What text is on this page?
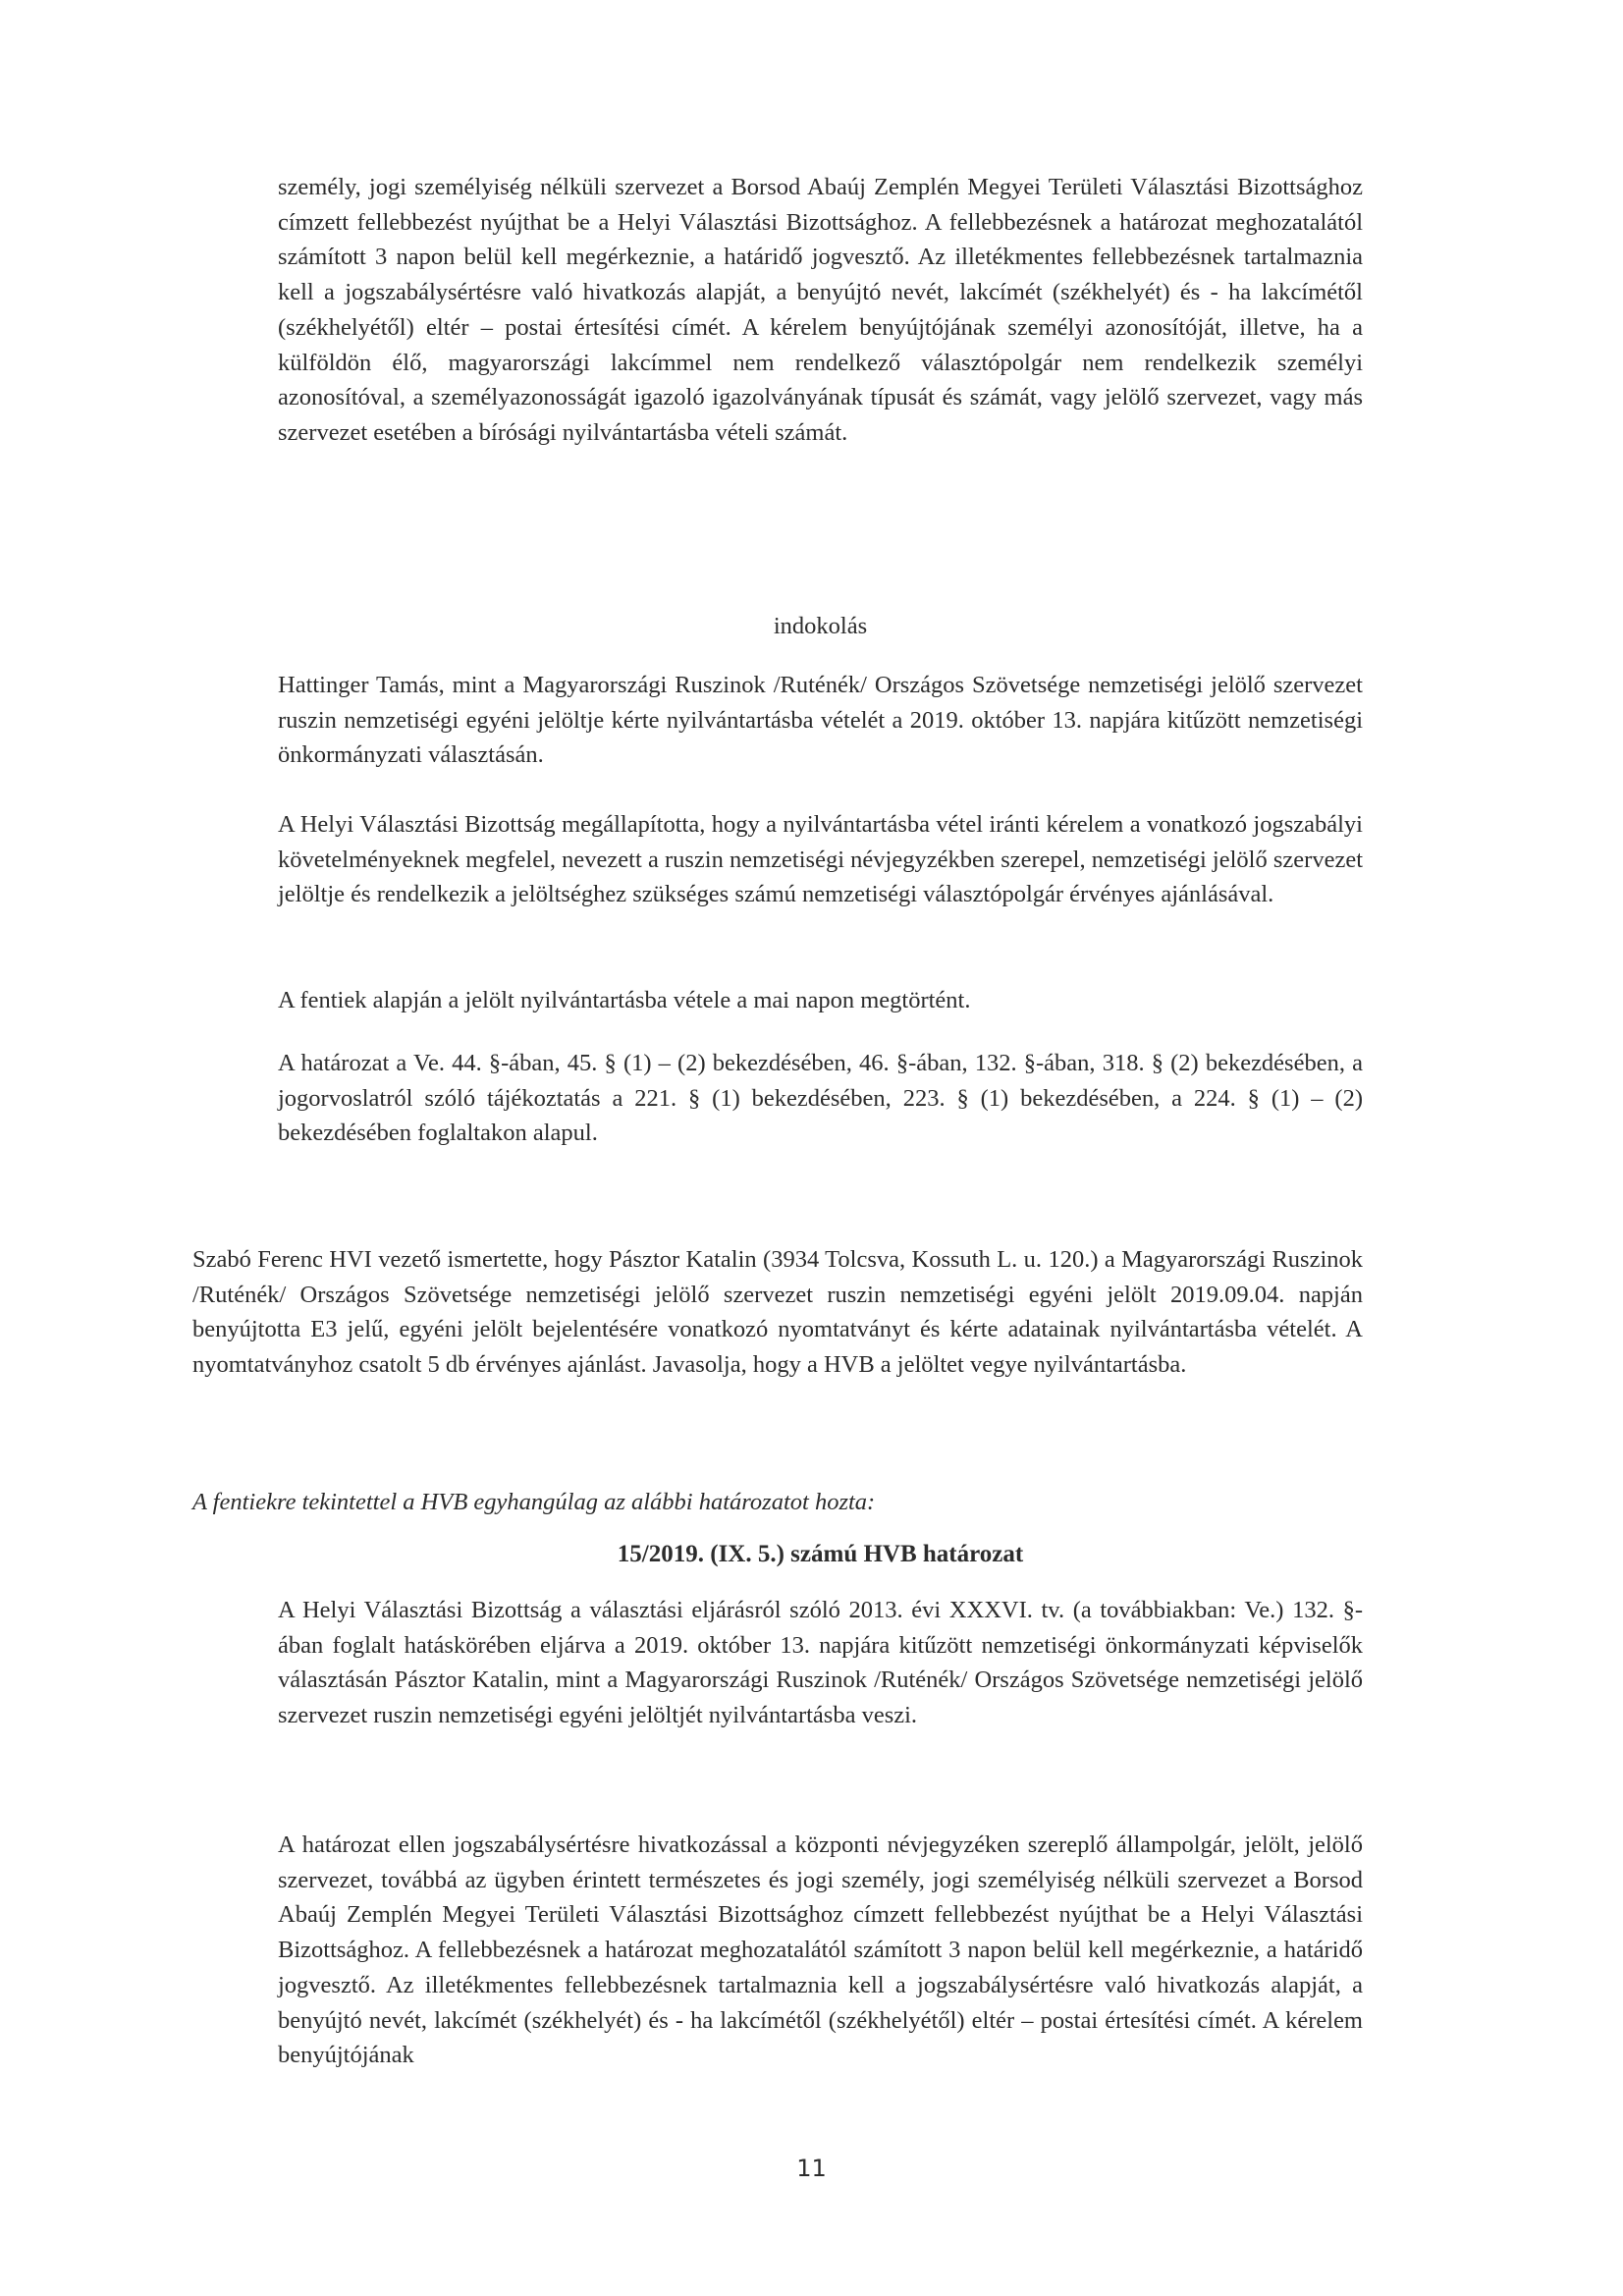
személy, jogi személyiség nélküli szervezet a Borsod Abaúj Zemplén Megyei Területi Választási Bizottsághoz címzett fellebbezést nyújthat be a Helyi Választási Bizottsághoz. A fellebbezésnek a határozat meghozatalától számított 3 napon belül kell megérkeznie, a határidő jogvesztő. Az illetékmentes fellebbezésnek tartalmaznia kell a jogszabálysértésre való hivatkozás alapját, a benyújtó nevét, lakcímét (székhelyét) és - ha lakcímétől (székhelyétől) eltér – postai értesítési címét. A kérelem benyújtójának személyi azonosítóját, illetve, ha a külföldön élő, magyarországi lakcímmel nem rendelkező választópolgár nem rendelkezik személyi azonosítóval, a személyazonosságát igazoló igazolványának típusát és számát, vagy jelölő szervezet, vagy más szervezet esetében a bírósági nyilvántartásba vételi számát.
indokolás
Hattinger Tamás, mint a Magyarországi Ruszinok /Ruténék/ Országos Szövetsége nemzetiségi jelölő szervezet ruszin nemzetiségi egyéni jelöltje kérte nyilvántartásba vételét a 2019. október 13. napjára kitűzött nemzetiségi önkormányzati választásán.
A Helyi Választási Bizottság megállapította, hogy a nyilvántartásba vétel iránti kérelem a vonatkozó jogszabályi követelményeknek megfelel, nevezett a ruszin nemzetiségi névjegyzékben szerepel, nemzetiségi jelölő szervezet jelöltje és rendelkezik a jelöltséghez szükséges számú nemzetiségi választópolgár érvényes ajánlásával.
A fentiek alapján a jelölt nyilvántartásba vétele a mai napon megtörtént.
A határozat a Ve. 44. §-ában, 45. § (1) – (2) bekezdésében, 46. §-ában, 132. §-ában, 318. § (2) bekezdésében, a jogorvoslatról szóló tájékoztatás a 221. § (1) bekezdésében, 223. § (1) bekezdésében, a 224. § (1) – (2) bekezdésében foglaltakon alapul.
Szabó Ferenc HVI vezető ismertette, hogy Pásztor Katalin (3934 Tolcsva, Kossuth L. u. 120.) a Magyarországi Ruszinok /Ruténék/ Országos Szövetsége nemzetiségi jelölő szervezet ruszin nemzetiségi egyéni jelölt 2019.09.04. napján benyújtotta E3 jelű, egyéni jelölt bejelentésére vonatkozó nyomtatványt és kérte adatainak nyilvántartásba vételét. A nyomtatványhoz csatolt 5 db érvényes ajánlást. Javasolja, hogy a HVB a jelöltet vegye nyilvántartásba.
A fentiekre tekintettel a HVB egyhangúlag az alábbi határozatot hozta:
15/2019. (IX. 5.) számú HVB határozat
A Helyi Választási Bizottság a választási eljárásról szóló 2013. évi XXXVI. tv. (a továbbiakban: Ve.) 132. §-ában foglalt hatáskörében eljárva a 2019. október 13. napjára kitűzött nemzetiségi önkormányzati képviselők választásán Pásztor Katalin, mint a Magyarországi Ruszinok /Ruténék/ Országos Szövetsége nemzetiségi jelölő szervezet ruszin nemzetiségi egyéni jelöltjét nyilvántartásba veszi.
A határozat ellen jogszabálysértésre hivatkozással a központi névjegyzéken szereplő állampolgár, jelölt, jelölő szervezet, továbbá az ügyben érintett természetes és jogi személy, jogi személyiség nélküli szervezet a Borsod Abaúj Zemplén Megyei Területi Választási Bizottsághoz címzett fellebbezést nyújthat be a Helyi Választási Bizottsághoz. A fellebbezésnek a határozat meghozatalától számított 3 napon belül kell megérkeznie, a határidő jogvesztő. Az illetékmentes fellebbezésnek tartalmaznia kell a jogszabálysértésre való hivatkozás alapját, a benyújtó nevét, lakcímét (székhelyét) és - ha lakcímétől (székhelyétől) eltér – postai értesítési címét. A kérelem benyújtójának
11
